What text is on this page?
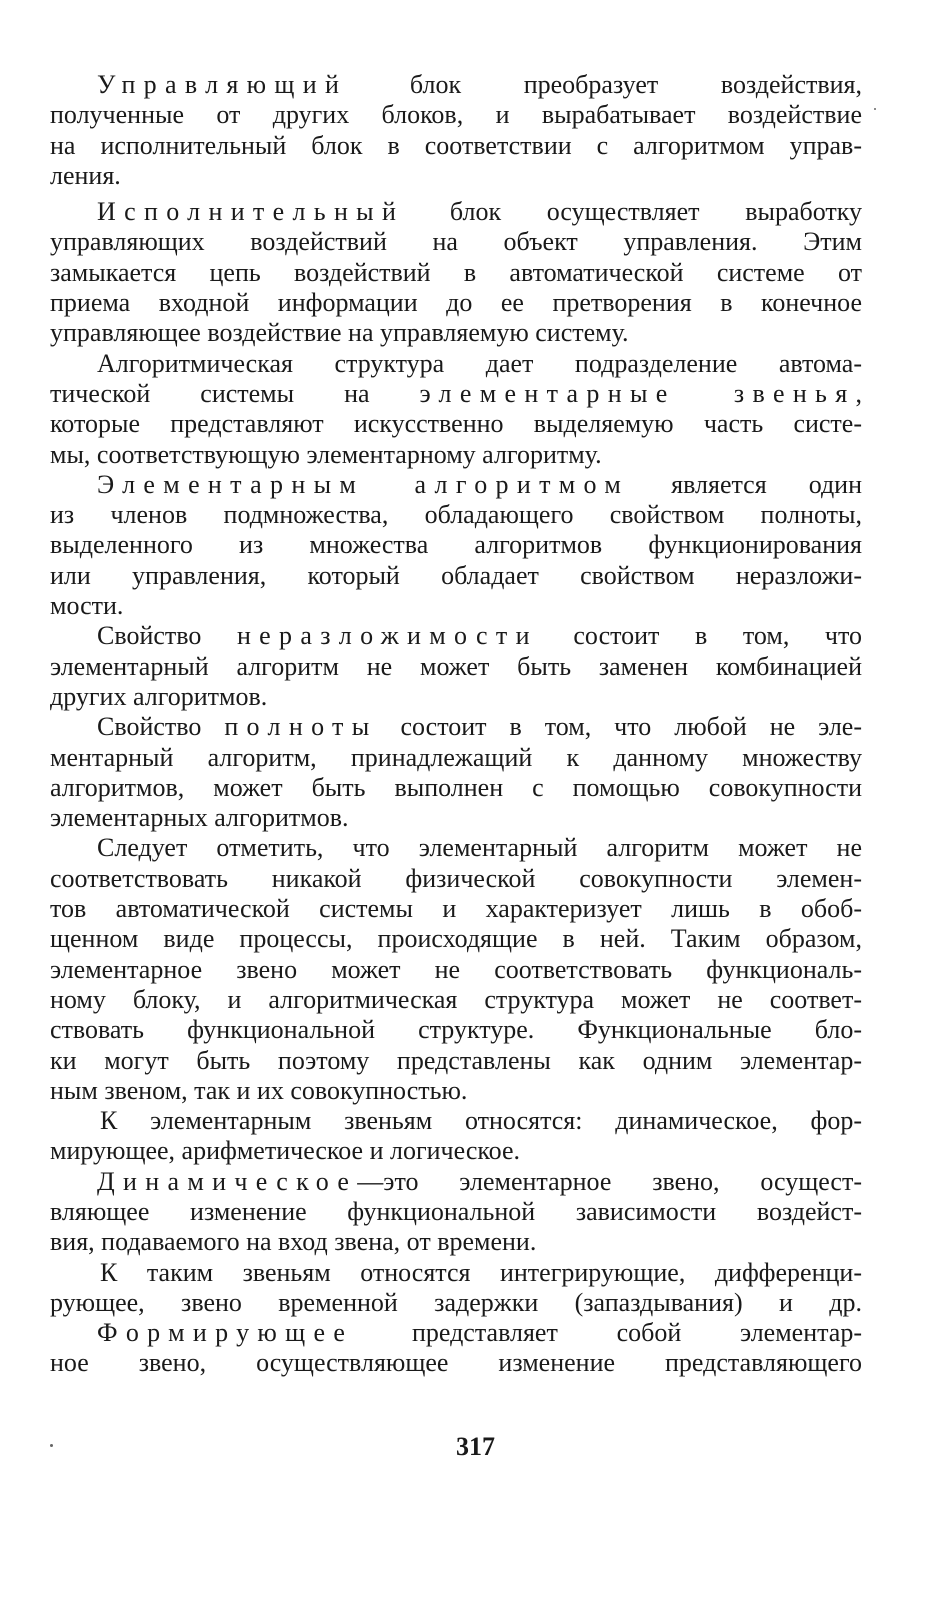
Управляющий блок преобразует воздействия,
полученные от других блоков, и вырабатывает воздействие
на исполнительный блок в соответствии с алгоритмом управ-
ления.
Исполнительный блок осуществляет выработку
управляющих воздействий на объект управления. Этим
замыкается цепь воздействий в автоматической системе от
приема входной информации до ее претворения в конечное
управляющее воздействие на управляемую систему.
Алгоритмическая структура дает подразделение автома-
тической системы на элементарные звенья,
которые представляют искусственно выделяемую часть систе-
мы, соответствующую элементарному алгоритму.
Элементарным алгоритмом является один
из членов подмножества, обладающего свойством полноты,
выделенного из множества алгоритмов функционирования
или управления, который обладает свойством неразложи-
мости.
Свойство неразложимости состоит в том, что
элементарный алгоритм не может быть заменен комбинацией
других алгоритмов.
Свойство полноты состоит в том, что любой не эле-
ментарный алгоритм, принадлежащий к данному множеству
алгоритмов, может быть выполнен с помощью совокупности
элементарных алгоритмов.
Следует отметить, что элементарный алгоритм может не
соответствовать никакой физической совокупности элемен-
тов автоматической системы и характеризует лишь в обоб-
щенном виде процессы, происходящие в ней. Таким образом,
элементарное звено может не соответствовать функциональ-
ному блоку, и алгоритмическая структура может не соответ-
ствовать функциональной структуре. Функциональные бло-
ки могут быть поэтому представлены как одним элементар-
ным звеном, так и их совокупностью.
К элементарным звеньям относятся: динамическое, фор-
мирующее, арифметическое и логическое.
Динамическое—это элементарное звено, осущест-
вляющее изменение функциональной зависимости воздейст-
вия, подаваемого на вход звена, от времени.
К таким звеньям относятся интегрирующие, дифференци-
рующее, звено временной задержки (запаздывания) и др.
Формирующее представляет собой элементар-
ное звено, осуществляющее изменение представляющего
317
